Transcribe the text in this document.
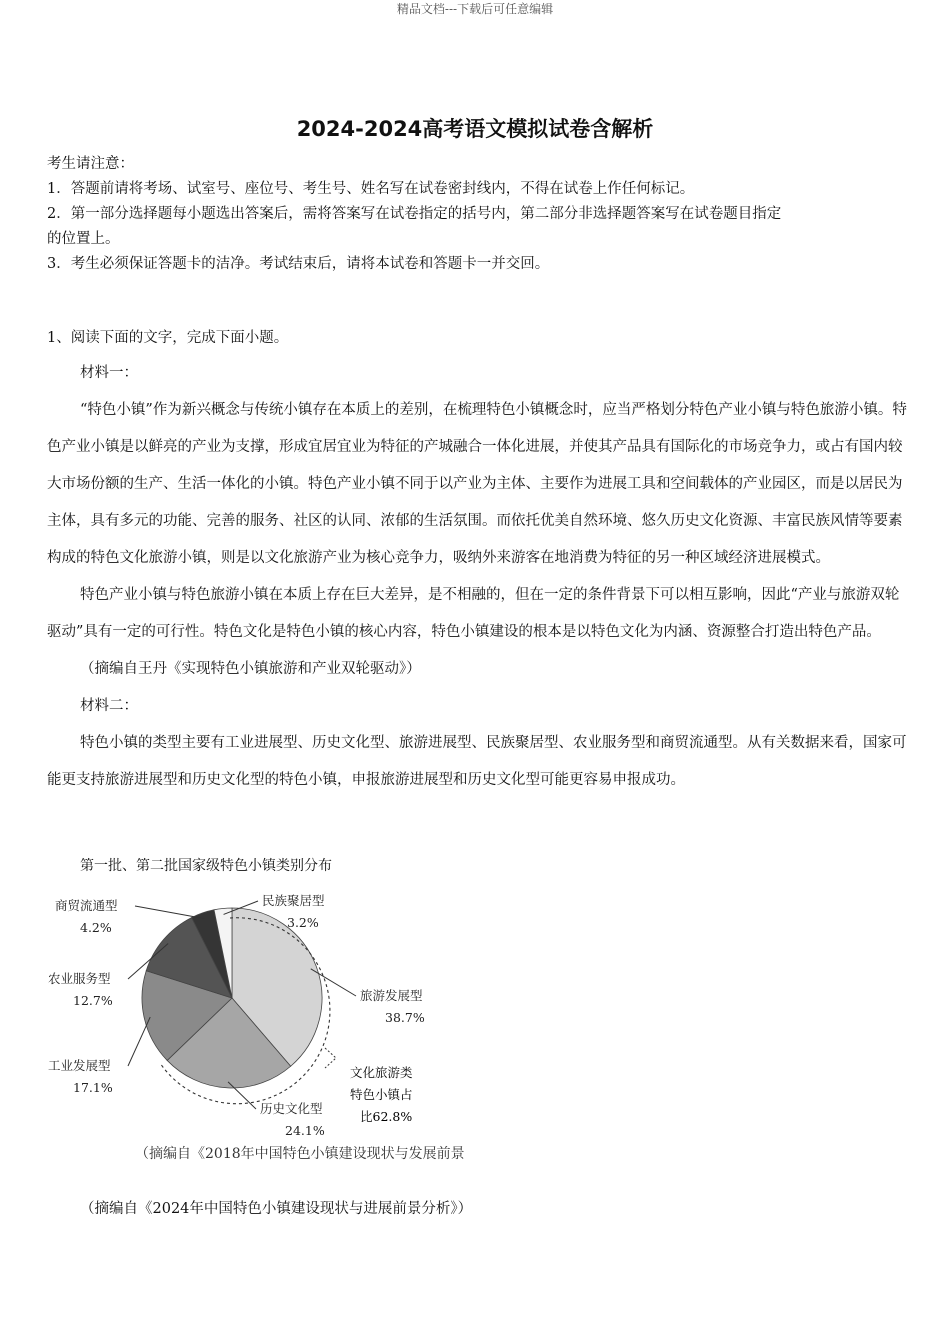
精品文档---下载后可任意编辑
2024-2024高考语文模拟试卷含解析
考生请注意：
1．答题前请将考场、试室号、座位号、考生号、姓名写在试卷密封线内，不得在试卷上作任何标记。
2．第一部分选择题每小题选出答案后，需将答案写在试卷指定的括号内，第二部分非选择题答案写在试卷题目指定
的位置上。
3．考生必须保证答题卡的洁净。考试结束后，请将本试卷和答题卡一并交回。
1、阅读下面的文字，完成下面小题。
材料一：
“特色小镇”作为新兴概念与传统小镇存在本质上的差别，在梳理特色小镇概念时，应当严格划分特色产业小镇与特色旅游小镇。特色产业小镇是以鲜亮的产业为支撑，形成宜居宜业为特征的产城融合一体化进展，并使其产品具有国际化的市场竞争力，或占有国内较大市场份额的生产、生活一体化的小镇。特色产业小镇不同于以产业为主体、主要作为进展工具和空间载体的产业园区，而是以居民为主体，具有多元的功能、完善的服务、社区的认同、浓郁的生活氛围。而依托优美自然环境、悠久历史文化资源、丰富民族风情等要素构成的特色文化旅游小镇，则是以文化旅游产业为核心竞争力，吸纳外来游客在地消费为特征的另一种区域经济进展模式。
特色产业小镇与特色旅游小镇在本质上存在巨大差异，是不相融的，但在一定的条件背景下可以相互影响，因此“产业与旅游双轮驱动”具有一定的可行性。特色文化是特色小镇的核心内容，特色小镇建设的根本是以特色文化为内涵、资源整合打造出特色产品。
（摘编自王丹《实现特色小镇旅游和产业双轮驱动》）
材料二：
特色小镇的类型主要有工业进展型、历史文化型、旅游进展型、民族聚居型、农业服务型和商贸流通型。从有关数据来看，国家可能更支持旅游进展型和历史文化型的特色小镇，申报旅游进展型和历史文化型可能更容易申报成功。
第一批、第二批国家级特色小镇类别分布
旅游发展型
38.7%
历史文化型
24.1%
工业发展型
17.1%
农业服务型
12.7%
商贸流通型
4.2%
民族聚居型
3.2%
文化旅游类
特色小镇占
比62.8%
（摘编自《2018年中国特色小镇建设现状与发展前景
（摘编自《2024年中国特色小镇建设现状与进展前景分析》）
